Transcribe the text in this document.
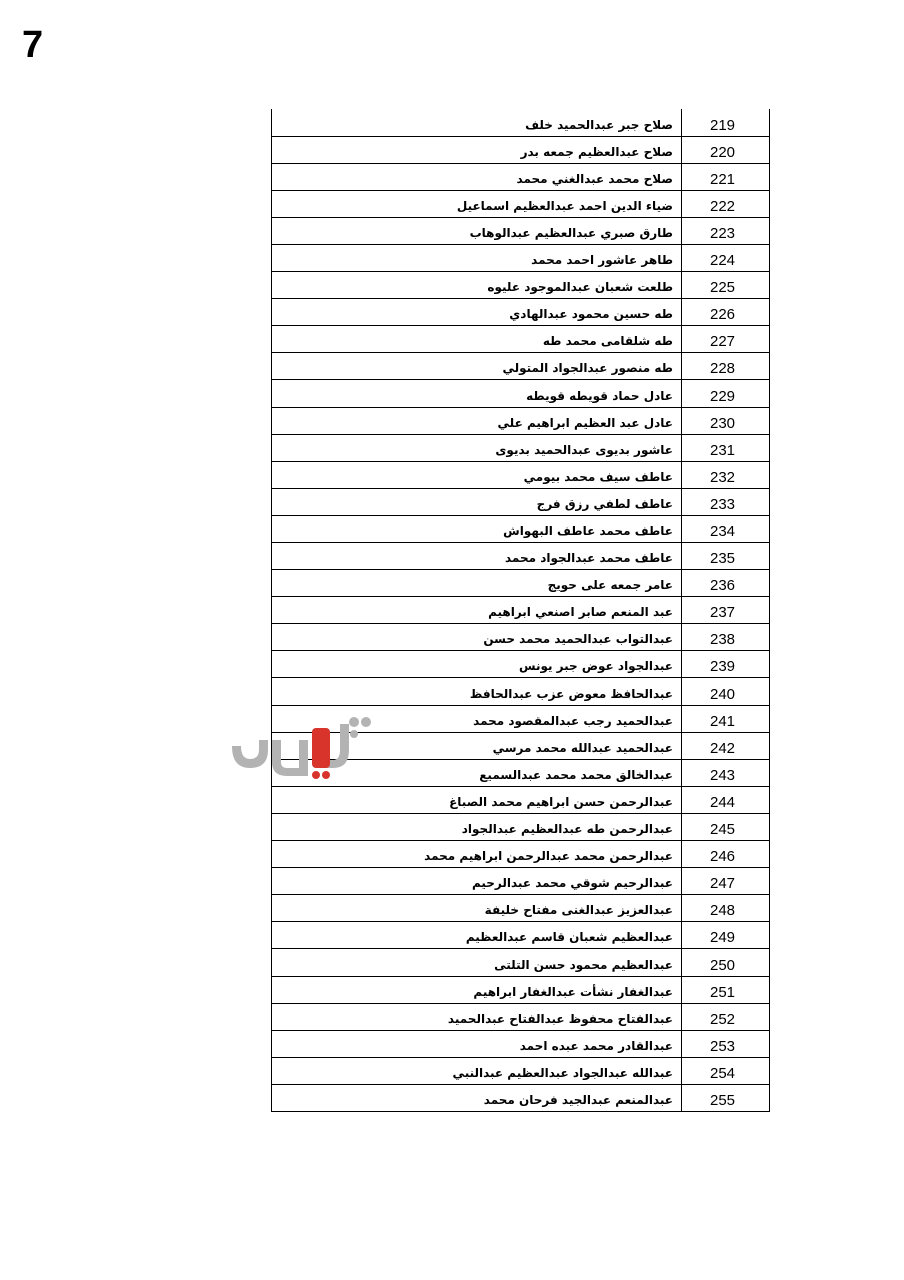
7
صلاح جبر عبدالحميد خلف	219
صلاح عبدالعظيم جمعه بدر	220
صلاح محمد عبدالغني محمد	221
ضياء الدين احمد عبدالعظيم اسماعيل	222
طارق صبري عبدالعظيم عبدالوهاب	223
طاهر عاشور احمد محمد	224
طلعت شعبان عبدالموجود عليوه	225
طه حسين محمود عبدالهادي	226
طه شلقامى محمد طه	227
طه منصور عبدالجواد المتولي	228
عادل حماد قويطه قويطه	229
عادل عبد العظيم ابراهيم علي	230
عاشور بديوى عبدالحميد بديوى	231
عاطف سيف محمد بيومي	232
عاطف لطفي رزق فرج	233
عاطف محمد عاطف البهواش	234
عاطف محمد عبدالجواد محمد	235
عامر جمعه على حويج	236
عبد المنعم صابر اصنعي ابراهيم	237
عبدالتواب عبدالحميد محمد حسن	238
عبدالجواد عوض جبر يونس	239
عبدالحافظ معوض عزب عبدالحافظ	240
عبدالحميد رجب عبدالمقصود محمد	241
عبدالحميد عبدالله محمد مرسي	242
عبدالخالق محمد محمد عبدالسميع	243
عبدالرحمن حسن ابراهيم محمد الصباغ	244
عبدالرحمن طه عبدالعظيم عبدالجواد	245
عبدالرحمن محمد عبدالرحمن ابراهيم محمد	246
عبدالرحيم شوقي محمد عبدالرحيم	247
عبدالعزيز عبدالغنى مفتاح خليفة	248
عبدالعظيم شعبان قاسم عبدالعظيم	249
عبدالعظيم محمود حسن التلتى	250
عبدالغفار نشأت عبدالغفار ابراهيم	251
عبدالفتاح محفوظ عبدالفتاح عبدالحميد	252
عبدالقادر محمد عبده احمد	253
عبدالله عبدالجواد عبدالعظيم عبدالنبي	254
عبدالمنعم عبدالجيد فرحان محمد	255
